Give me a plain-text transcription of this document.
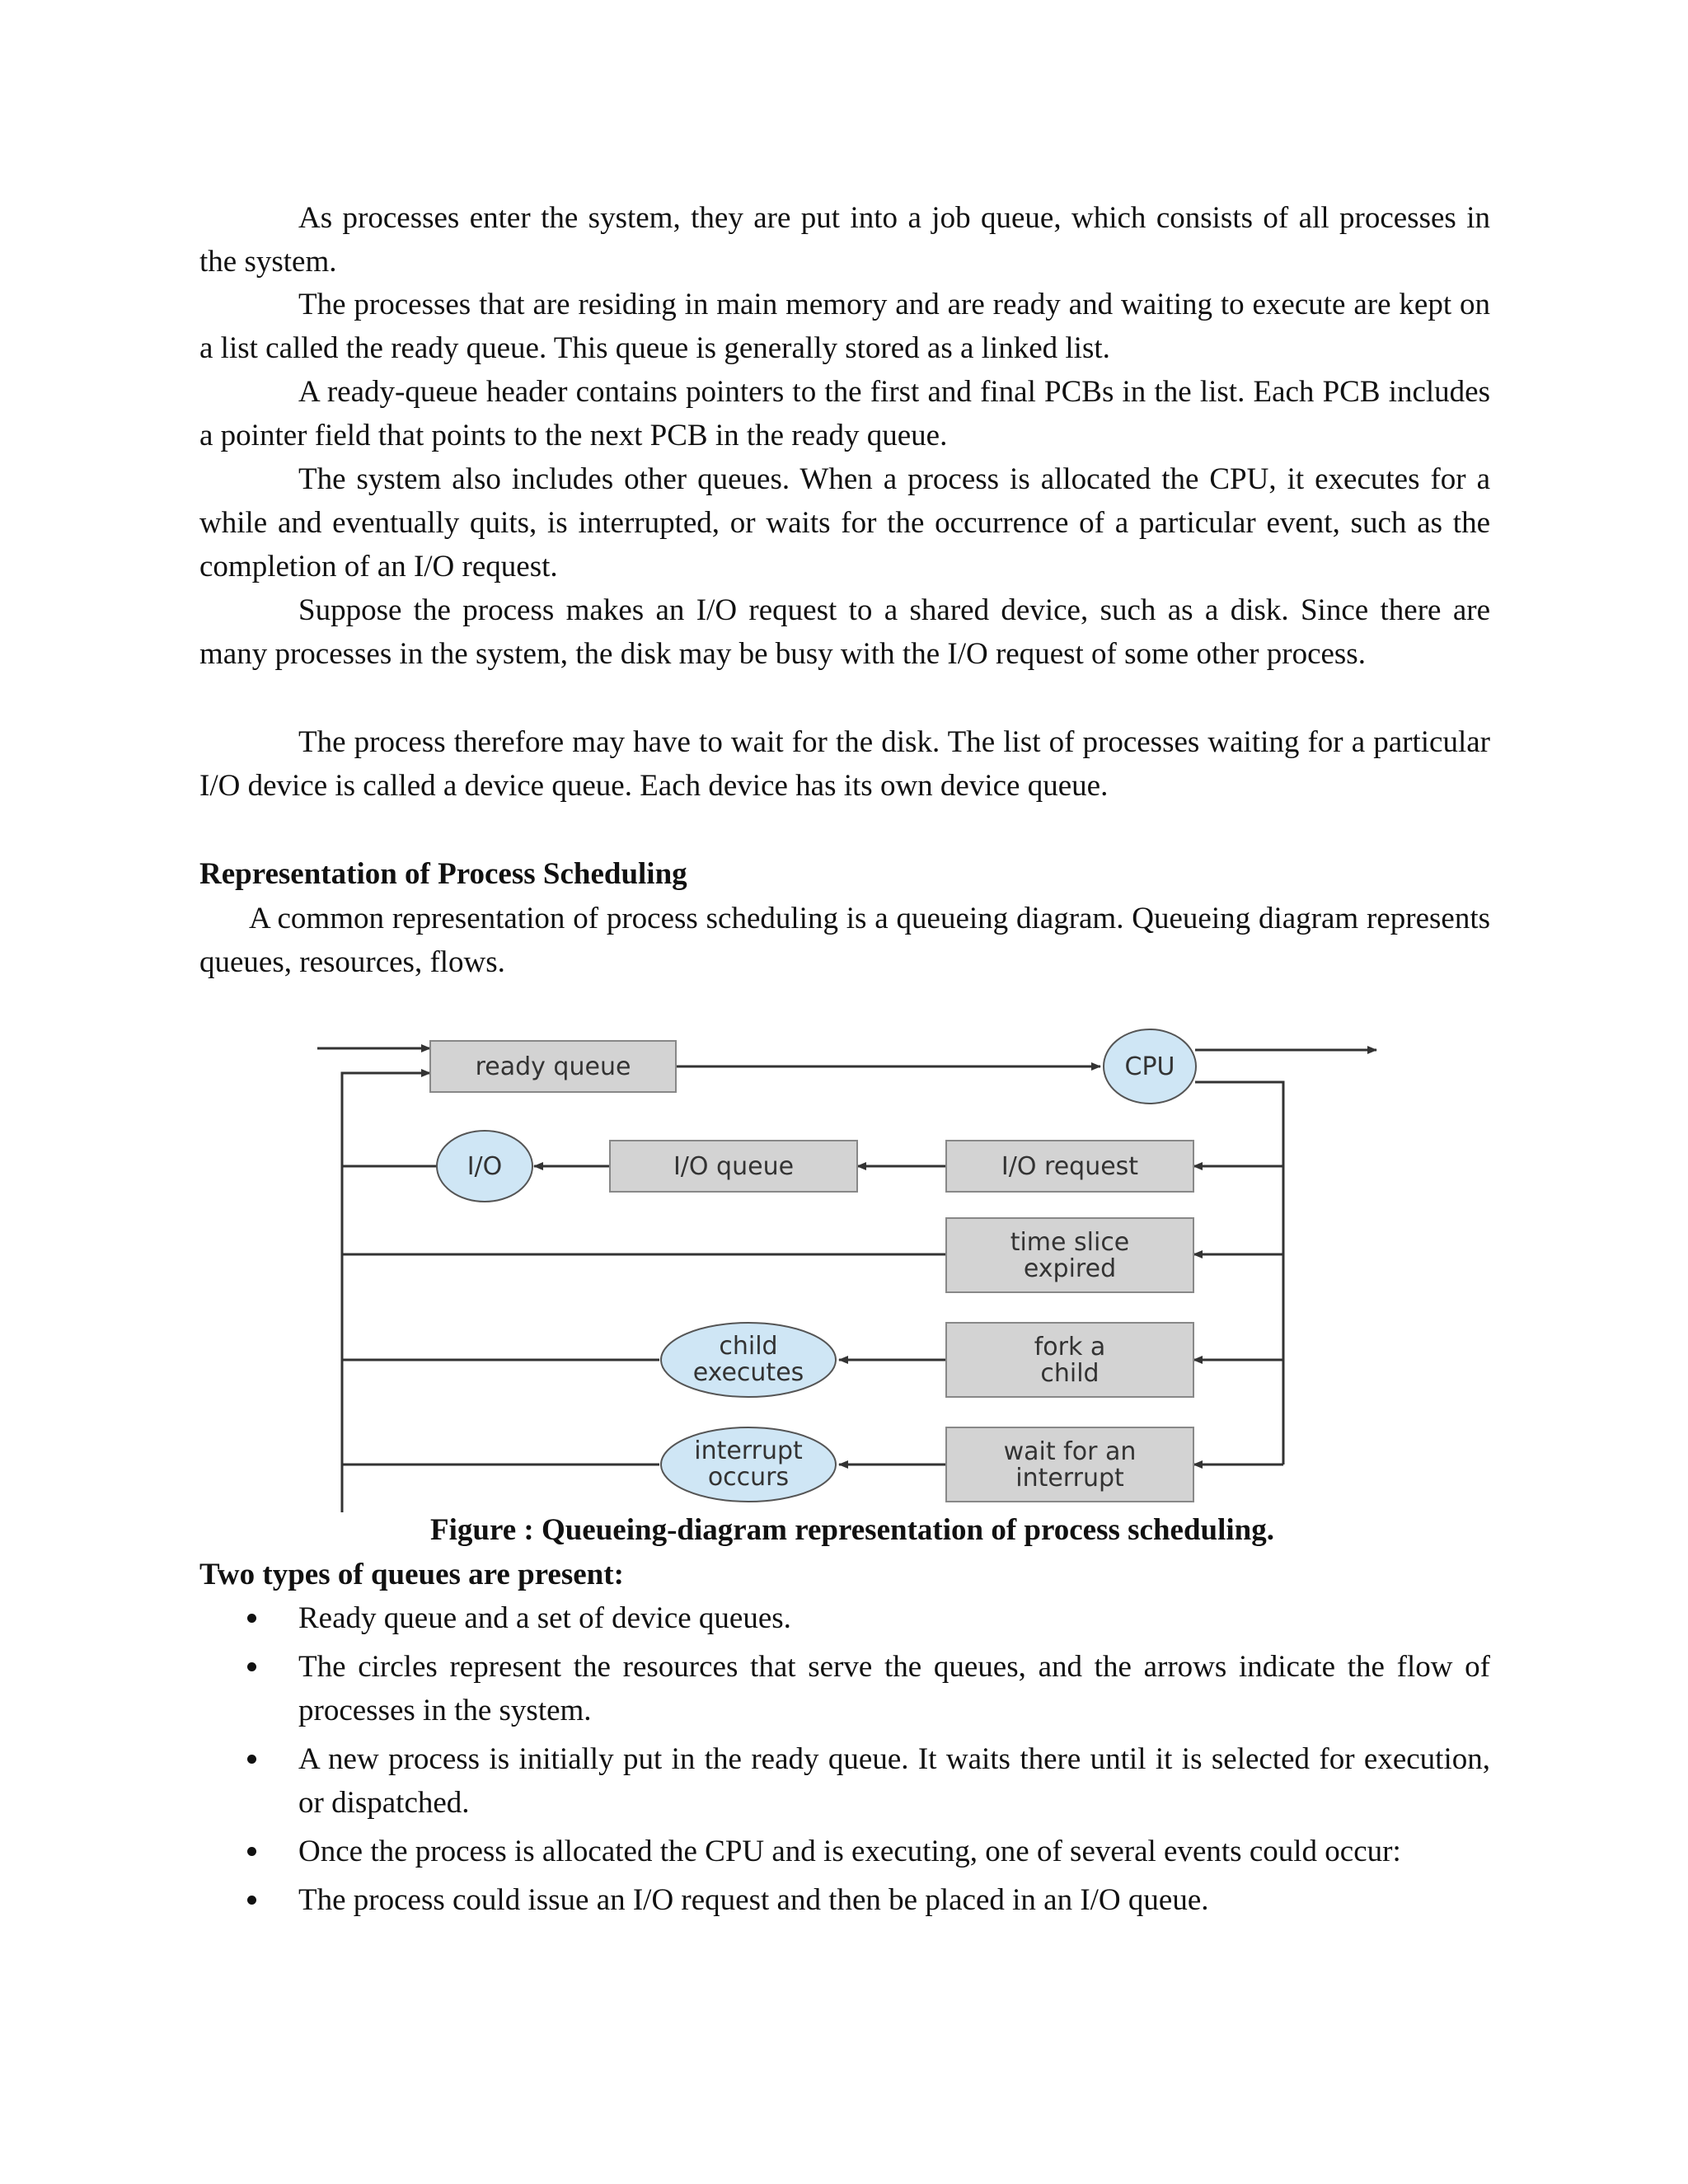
As processes enter the system, they are put into a job queue, which consists of all processes in the system.

The processes that are residing in main memory and are ready and waiting to execute are kept on a list called the ready queue. This queue is generally stored as a linked list.

A ready-queue header contains pointers to the first and final PCBs in the list. Each PCB includes a pointer field that points to the next PCB in the ready queue.

The system also includes other queues. When a process is allocated the CPU, it executes for a while and eventually quits, is interrupted, or waits for the occurrence of a particular event, such as the completion of an I/O request.

Suppose the process makes an I/O request to a shared device, such as a disk. Since there are many processes in the system, the disk may be busy with the I/O request of some other process.

The process therefore may have to wait for the disk. The list of processes waiting for a particular I/O device is called a device queue. Each device has its own device queue.

Representation of Process Scheduling

A common representation of process scheduling is a queueing diagram. Queueing diagram represents queues, resources, flows.

ready queue	CPU
I/O	I/O queue	I/O request
time slice
expired
child
executes
fork a
child
interrupt
occurs
wait for an
interrupt

Figure : Queueing-diagram representation of process scheduling.

Two types of queues are present:
Ready queue and a set of device queues.
The circles represent the resources that serve the queues, and the arrows indicate the flow of processes in the system.
A new process is initially put in the ready queue. It waits there until it is selected for execution, or dispatched.
Once the process is allocated the CPU and is executing, one of several events could occur:
The process could issue an I/O request and then be placed in an I/O queue.
